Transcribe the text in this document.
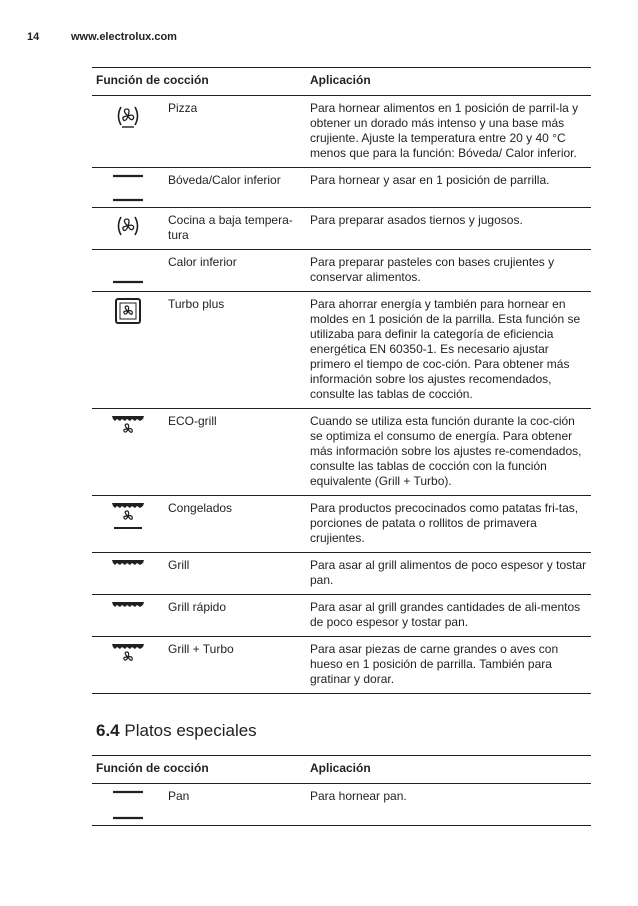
14	www.electrolux.com
Función de cocción		Aplicación

	Pizza	Para hornear alimentos en 1 posición de parril-la y obtener un dorado más intenso y una base más crujiente. Ajuste la temperatura entre 20 y 40 °C menos que para la función: Bóveda/ Calor inferior.

	Bóveda/Calor inferior	Para hornear y asar en 1 posición de parrilla.

	Cocina a baja tempera-tura	Para preparar asados tiernos y jugosos.

	Calor inferior	Para preparar pasteles con bases crujientes y conservar alimentos.

	Turbo plus	Para ahorrar energía y también para hornear en moldes en 1 posición de la parrilla. Esta función se utilizaba para definir la categoría de eficiencia energética EN 60350-1. Es necesario ajustar primero el tiempo de coc-ción. Para obtener más información sobre los ajustes recomendados, consulte las tablas de cocción.

	ECO-grill	Cuando se utiliza esta función durante la coc-ción se optimiza el consumo de energía. Para obtener más información sobre los ajustes re-comendados, consulte las tablas de cocción con la función equivalente (Grill + Turbo).

	Congelados	Para productos precocinados como patatas fri-tas, porciones de patata o rollitos de primavera crujientes.

	Grill	Para asar al grill alimentos de poco espesor y tostar pan.

	Grill rápido	Para asar al grill grandes cantidades de ali-mentos de poco espesor y tostar pan.

	Grill + Turbo	Para asar piezas de carne grandes o aves con hueso en 1 posición de parrilla. También para gratinar y dorar.
6.4 Platos especiales
Función de cocción		Aplicación

	Pan	Para hornear pan.
